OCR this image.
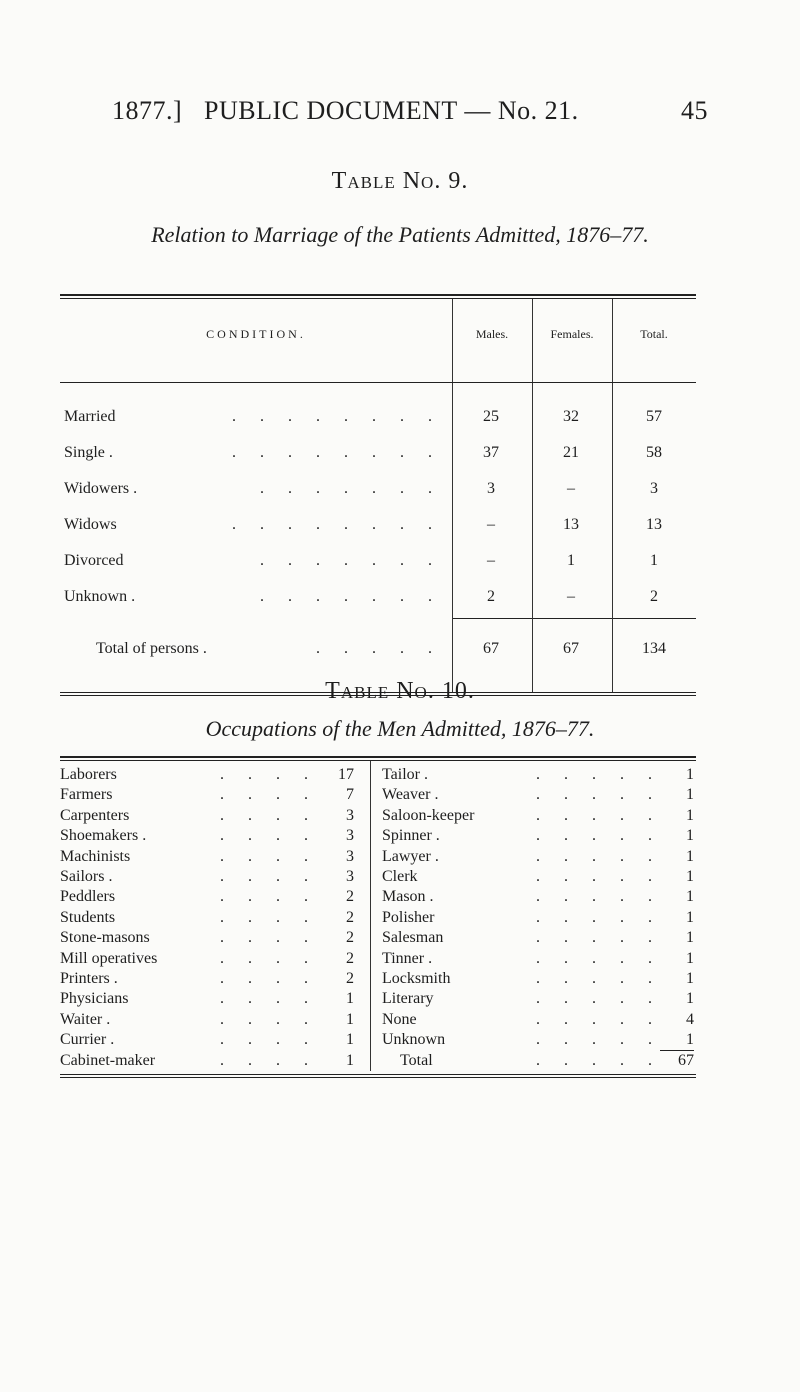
1877.] PUBLIC DOCUMENT — No. 21.	45
Table No. 9.
Relation to Marriage of the Patients Admitted, 1876–77.
CONDITION.	Males.	Females.	Total.
. . . . . . . .
Married	25	32	57
. . . . . . . .
Single .	37	21	58
. . . . . . .
Widowers .	3	–	3
. . . . . . . .
Widows	–	13	13
. . . . . . .
Divorced	–	1	1
. . . . . . .
Unknown .	2	–	2
. . . . .
Total of persons .	67	67	134
Table No. 10.
Occupations of the Men Admitted, 1876–77.
. . . .
Laborers	17	. . . . .
Tailor .	1
. . . .
Farmers	7	. . . . .
Weaver .	1
. . . .
Carpenters	3	. . . . .
Saloon-keeper	1
. . . .
Shoemakers .	3	. . . . .
Spinner .	1
. . . .
Machinists	3	. . . . .
Lawyer .	1
. . . .
Sailors .	3	. . . . .
Clerk	1
. . . .
Peddlers	2	. . . . .
Mason .	1
. . . .
Students	2	. . . . .
Polisher	1
. . . .
Stone-masons	2	. . . . .
Salesman	1
. . . .
Mill operatives	2	. . . . .
Tinner .	1
. . . .
Printers .	2	. . . . .
Locksmith	1
. . . .
Physicians	1	. . . . .
Literary	1
. . . .
Waiter .	1	. . . . .
None	4
. . . .
Currier .	1	. . . . .
Unknown	1
. . . .
Cabinet-maker	1	. . . . .
Total	67
